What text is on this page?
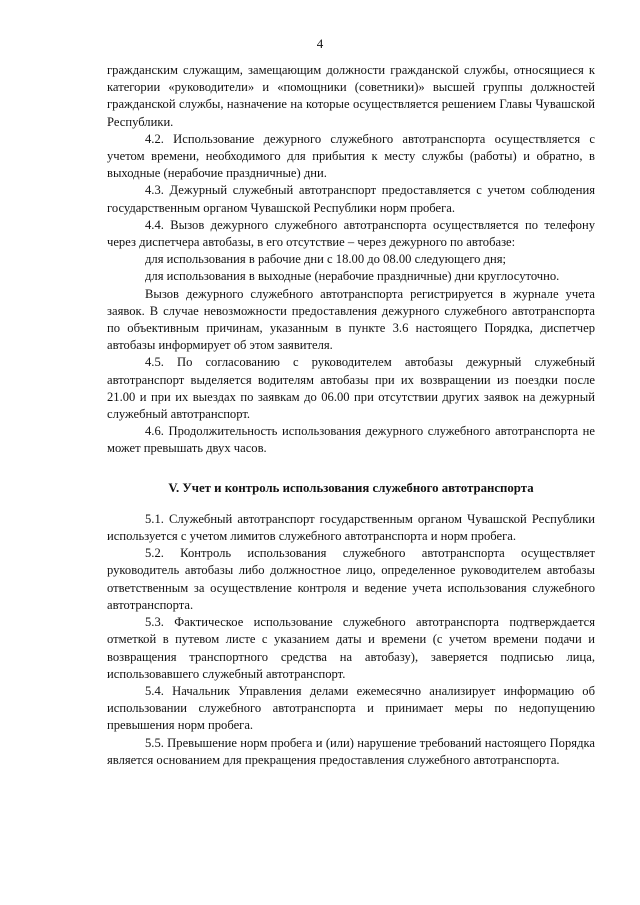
4

гражданским служащим, замещающим должности гражданской службы, относящиеся к категории «руководители» и «помощники (советники)» высшей группы должностей гражданской службы, назначение на которые осуществляется решением Главы Чувашской Республики.

4.2. Использование дежурного служебного автотранспорта осуществляется с учетом времени, необходимого для прибытия к месту службы (работы) и обратно, в выходные (нерабочие праздничные) дни.

4.3. Дежурный служебный автотранспорт предоставляется с учетом соблюдения государственным органом Чувашской Республики норм пробега.

4.4. Вызов дежурного служебного автотранспорта осуществляется по телефону через диспетчера автобазы, в его отсутствие – через дежурного по автобазе:

для использования в рабочие дни с 18.00 до 08.00 следующего дня;

для использования в выходные (нерабочие праздничные) дни круглосуточно.

Вызов дежурного служебного автотранспорта регистрируется в журнале учета заявок. В случае невозможности предоставления дежурного служебного автотранспорта по объективным причинам, указанным в пункте 3.6 настоящего Порядка, диспетчер автобазы информирует об этом заявителя.

4.5. По согласованию с руководителем автобазы дежурный служебный автотранспорт выделяется водителям автобазы при их возвращении из поездки после 21.00 и при их выездах по заявкам до 06.00 при отсутствии других заявок на дежурный служебный автотранспорт.

4.6. Продолжительность использования дежурного служебного автотранспорта не может превышать двух часов.

V. Учет и контроль использования служебного автотранспорта

5.1. Служебный автотранспорт государственным органом Чувашской Республики используется с учетом лимитов служебного автотранспорта и норм пробега.

5.2. Контроль использования служебного автотранспорта осуществляет руководитель автобазы либо должностное лицо, определенное руководителем автобазы ответственным за осуществление контроля и ведение учета использования служебного автотранспорта.

5.3. Фактическое использование служебного автотранспорта подтверждается отметкой в путевом листе с указанием даты и времени (с учетом времени подачи и возвращения транспортного средства на автобазу), заверяется подписью лица, использовавшего служебный автотранспорт.

5.4. Начальник Управления делами ежемесячно анализирует информацию об использовании служебного автотранспорта и принимает меры по недопущению превышения норм пробега.

5.5. Превышение норм пробега и (или) нарушение требований настоящего Порядка является основанием для прекращения предоставления служебного автотранспорта.
